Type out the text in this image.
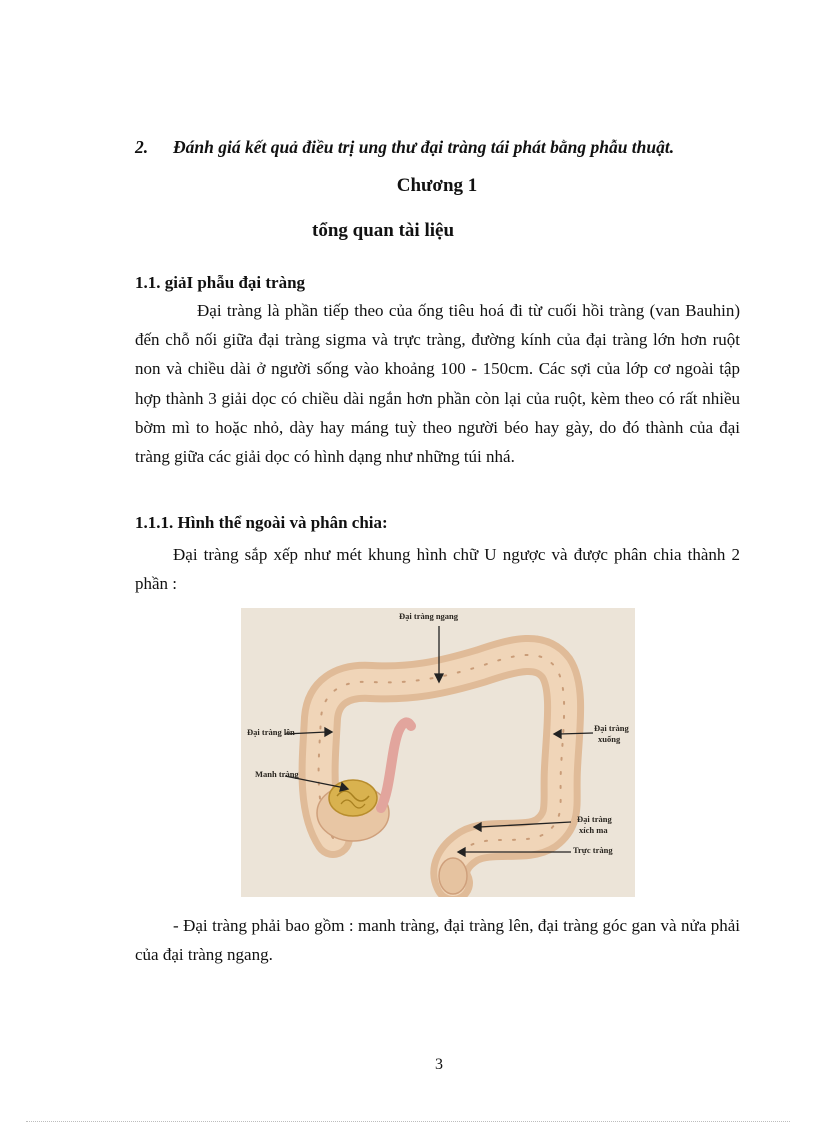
2. Đánh giá kết quả điều trị ung thư đại tràng tái phát bằng phẫu thuật.
Chương 1
tổng quan tài liệu
1.1. giảI phẫu đại tràng
Đại tràng là phần tiếp theo của ống tiêu hoá đi từ cuối hồi tràng (van Bauhin) đến chỗ nối giữa đại tràng sigma và trực tràng, đường kính của đại tràng lớn hơn ruột non và chiều dài ở người sống vào khoảng 100 - 150cm. Các sợi của lớp cơ ngoài tập hợp thành 3 giải dọc có chiều dài ngắn hơn phần còn lại của ruột, kèm theo có rất nhiều bờm mì to hoặc nhỏ, dày hay máng tuỳ theo người béo hay gày, do đó thành của đại tràng giữa các giải dọc có hình dạng như những túi nhá.
1.1.1. Hình thể ngoài và phân chia:
Đại tràng sắp xếp như mét khung hình chữ U ngược và được phân chia thành 2 phần :
Đại tràng ngang
Đại tràng lên
Manh tràng
Đại tràng
xuống
Đại tràng
xích ma
Trực tràng
- Đại tràng phải bao gồm : manh tràng, đại tràng lên, đại tràng góc gan và nửa phải của đại tràng ngang.
3
